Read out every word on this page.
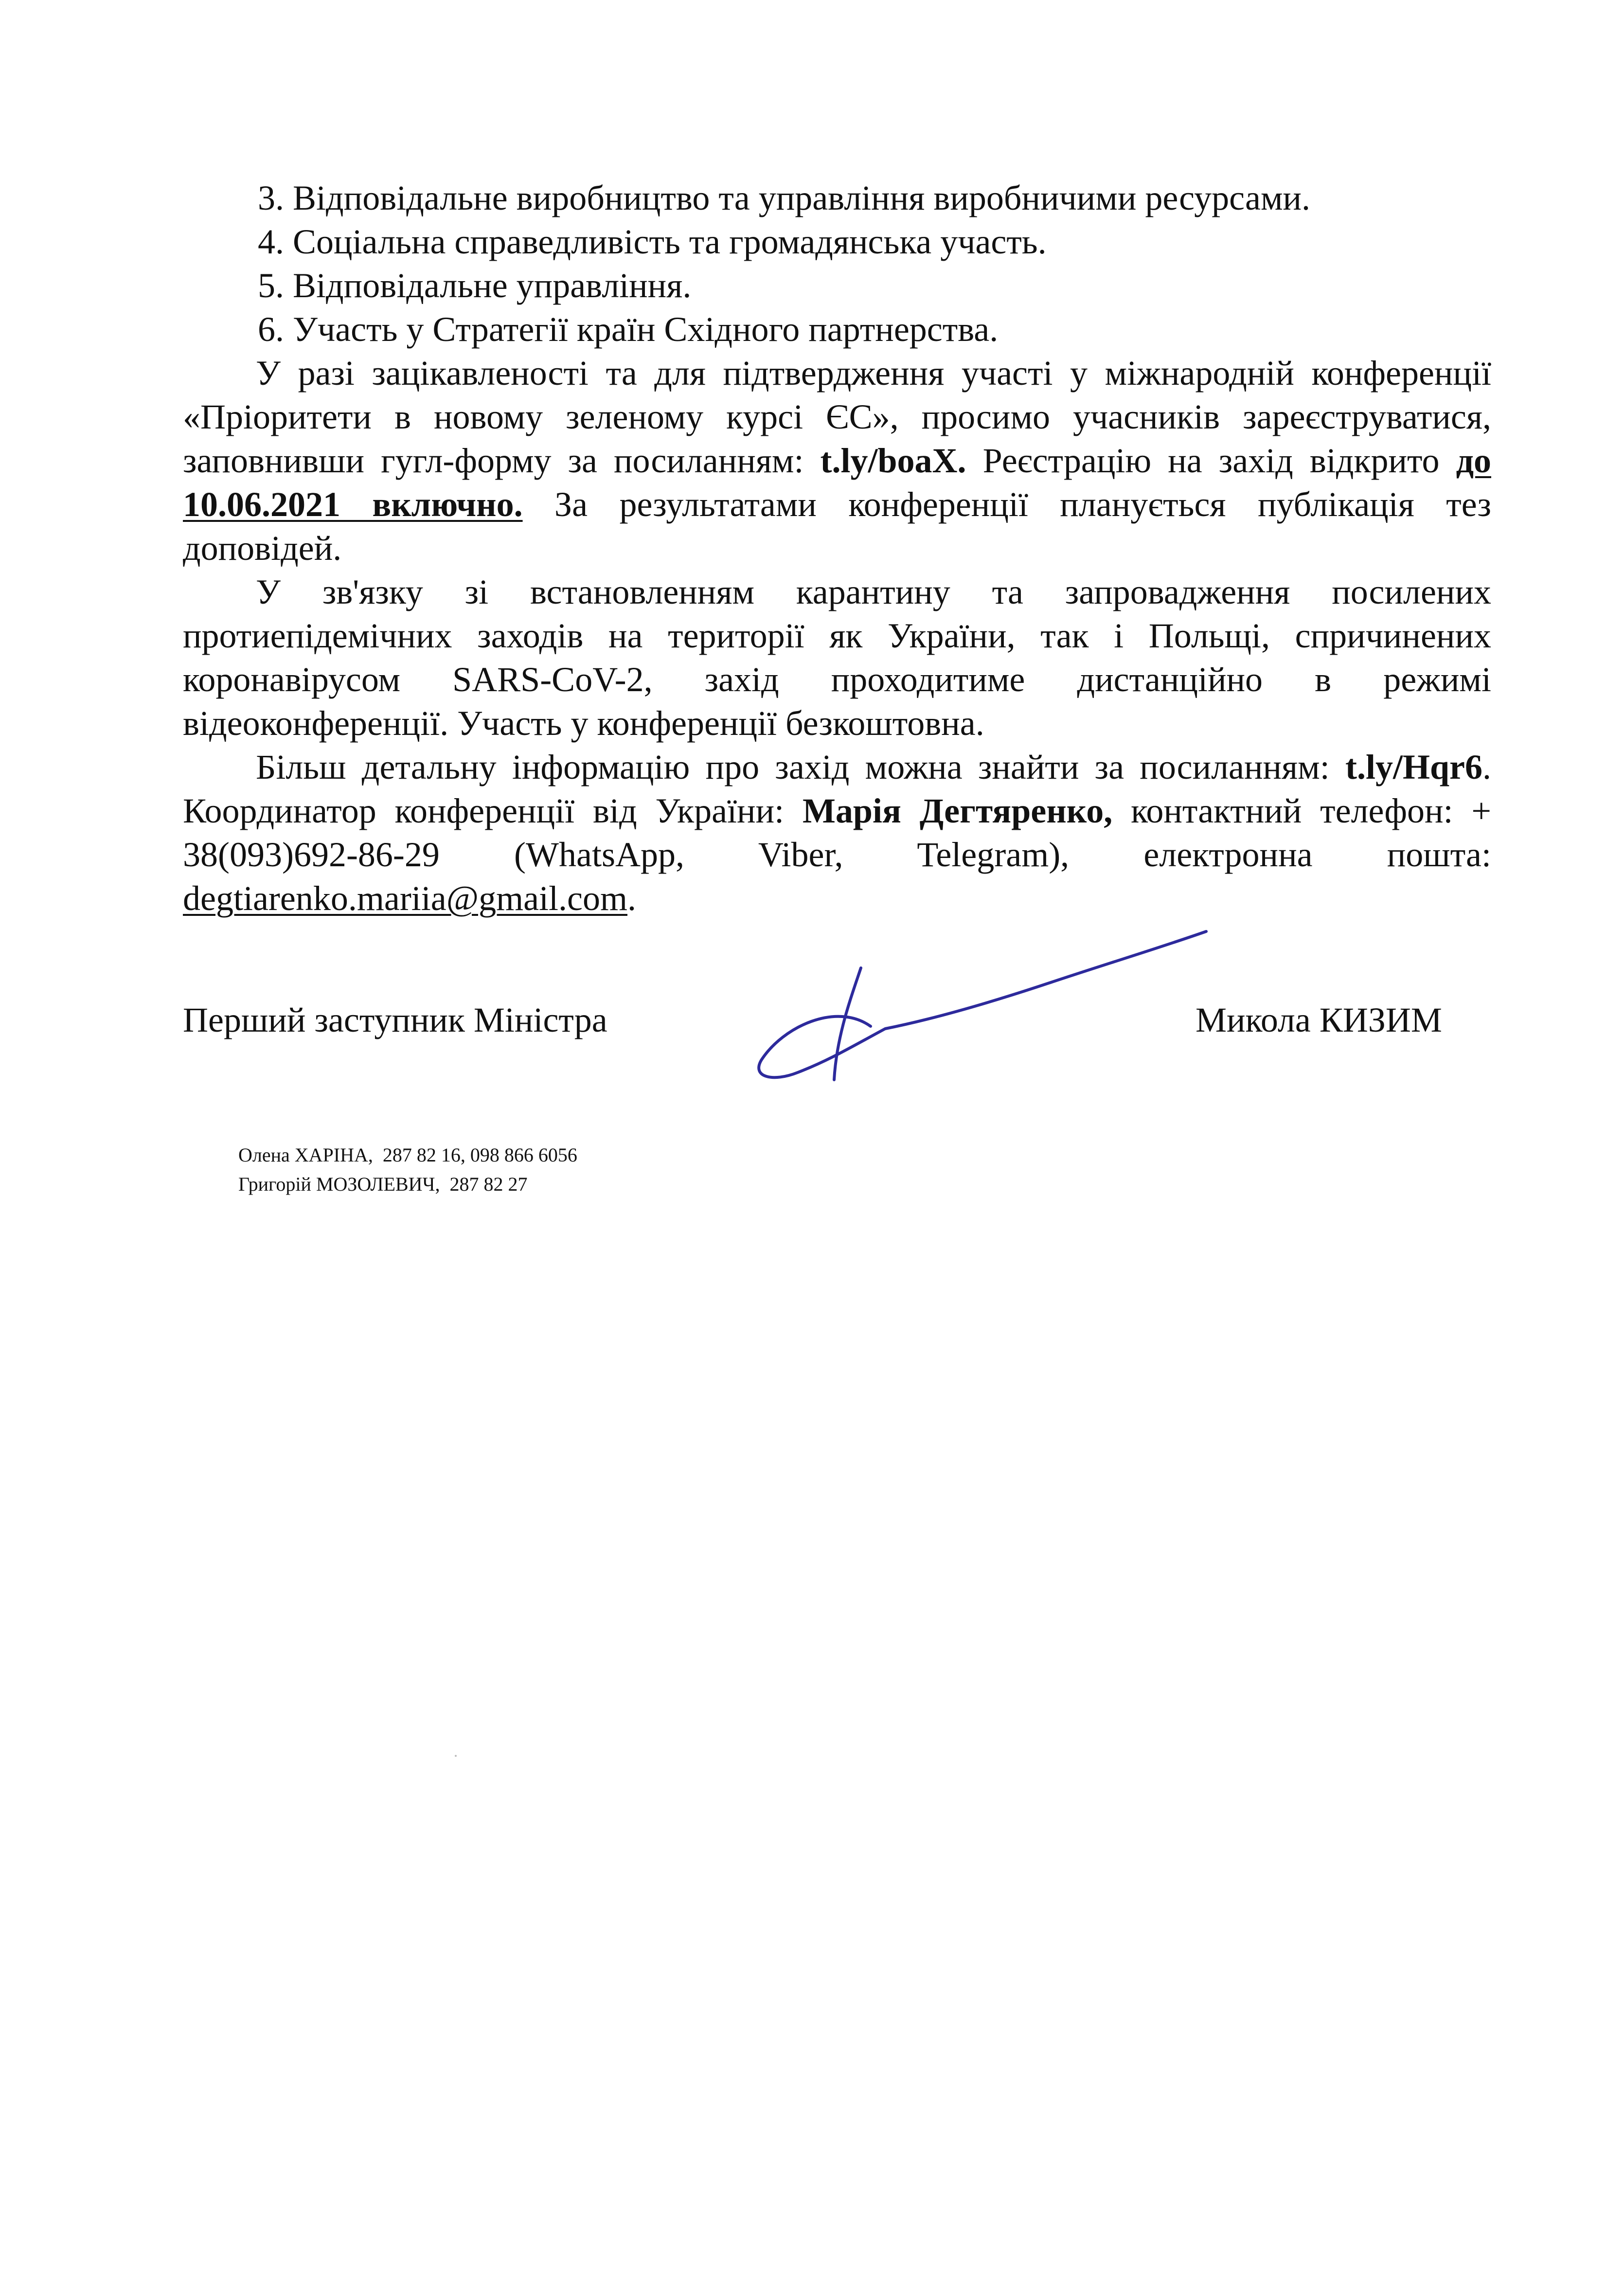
3. Відповідальне виробництво та управління виробничими ресурсами.
4. Соціальна справедливість та громадянська участь.
5. Відповідальне управління.
6. Участь у Стратегії країн Східного партнерства.
У разі зацікавленості та для підтвердження участі у міжнародній конференції «Пріоритети в новому зеленому курсі ЄС», просимо учасників зареєструватися, заповнивши гугл-форму за посиланням: t.ly/boaX. Реєстрацію на захід відкрито до 10.06.2021 включно. За результатами конференції планується публікація тез доповідей.
У зв'язку зі встановленням карантину та запровадження посилених протиепідемічних заходів на території як України, так і Польщі, спричинених коронавірусом SARS-CoV-2, захід проходитиме дистанційно в режимі відеоконференції. Участь у конференції безкоштовна.
Більш детальну інформацію про захід можна знайти за посиланням: t.ly/Hqr6. Координатор конференції від України: Марія Дегтяренко, контактний телефон: + 38(093)692-86-29 (WhatsApp, Viber, Telegram), електронна пошта: degtiarenko.mariia@gmail.com.
Перший заступник Міністра	Микола КИЗИМ
Олена ХАРІНА,  287 82 16, 098 866 6056
Григорій МОЗОЛЕВИЧ,  287 82 27
